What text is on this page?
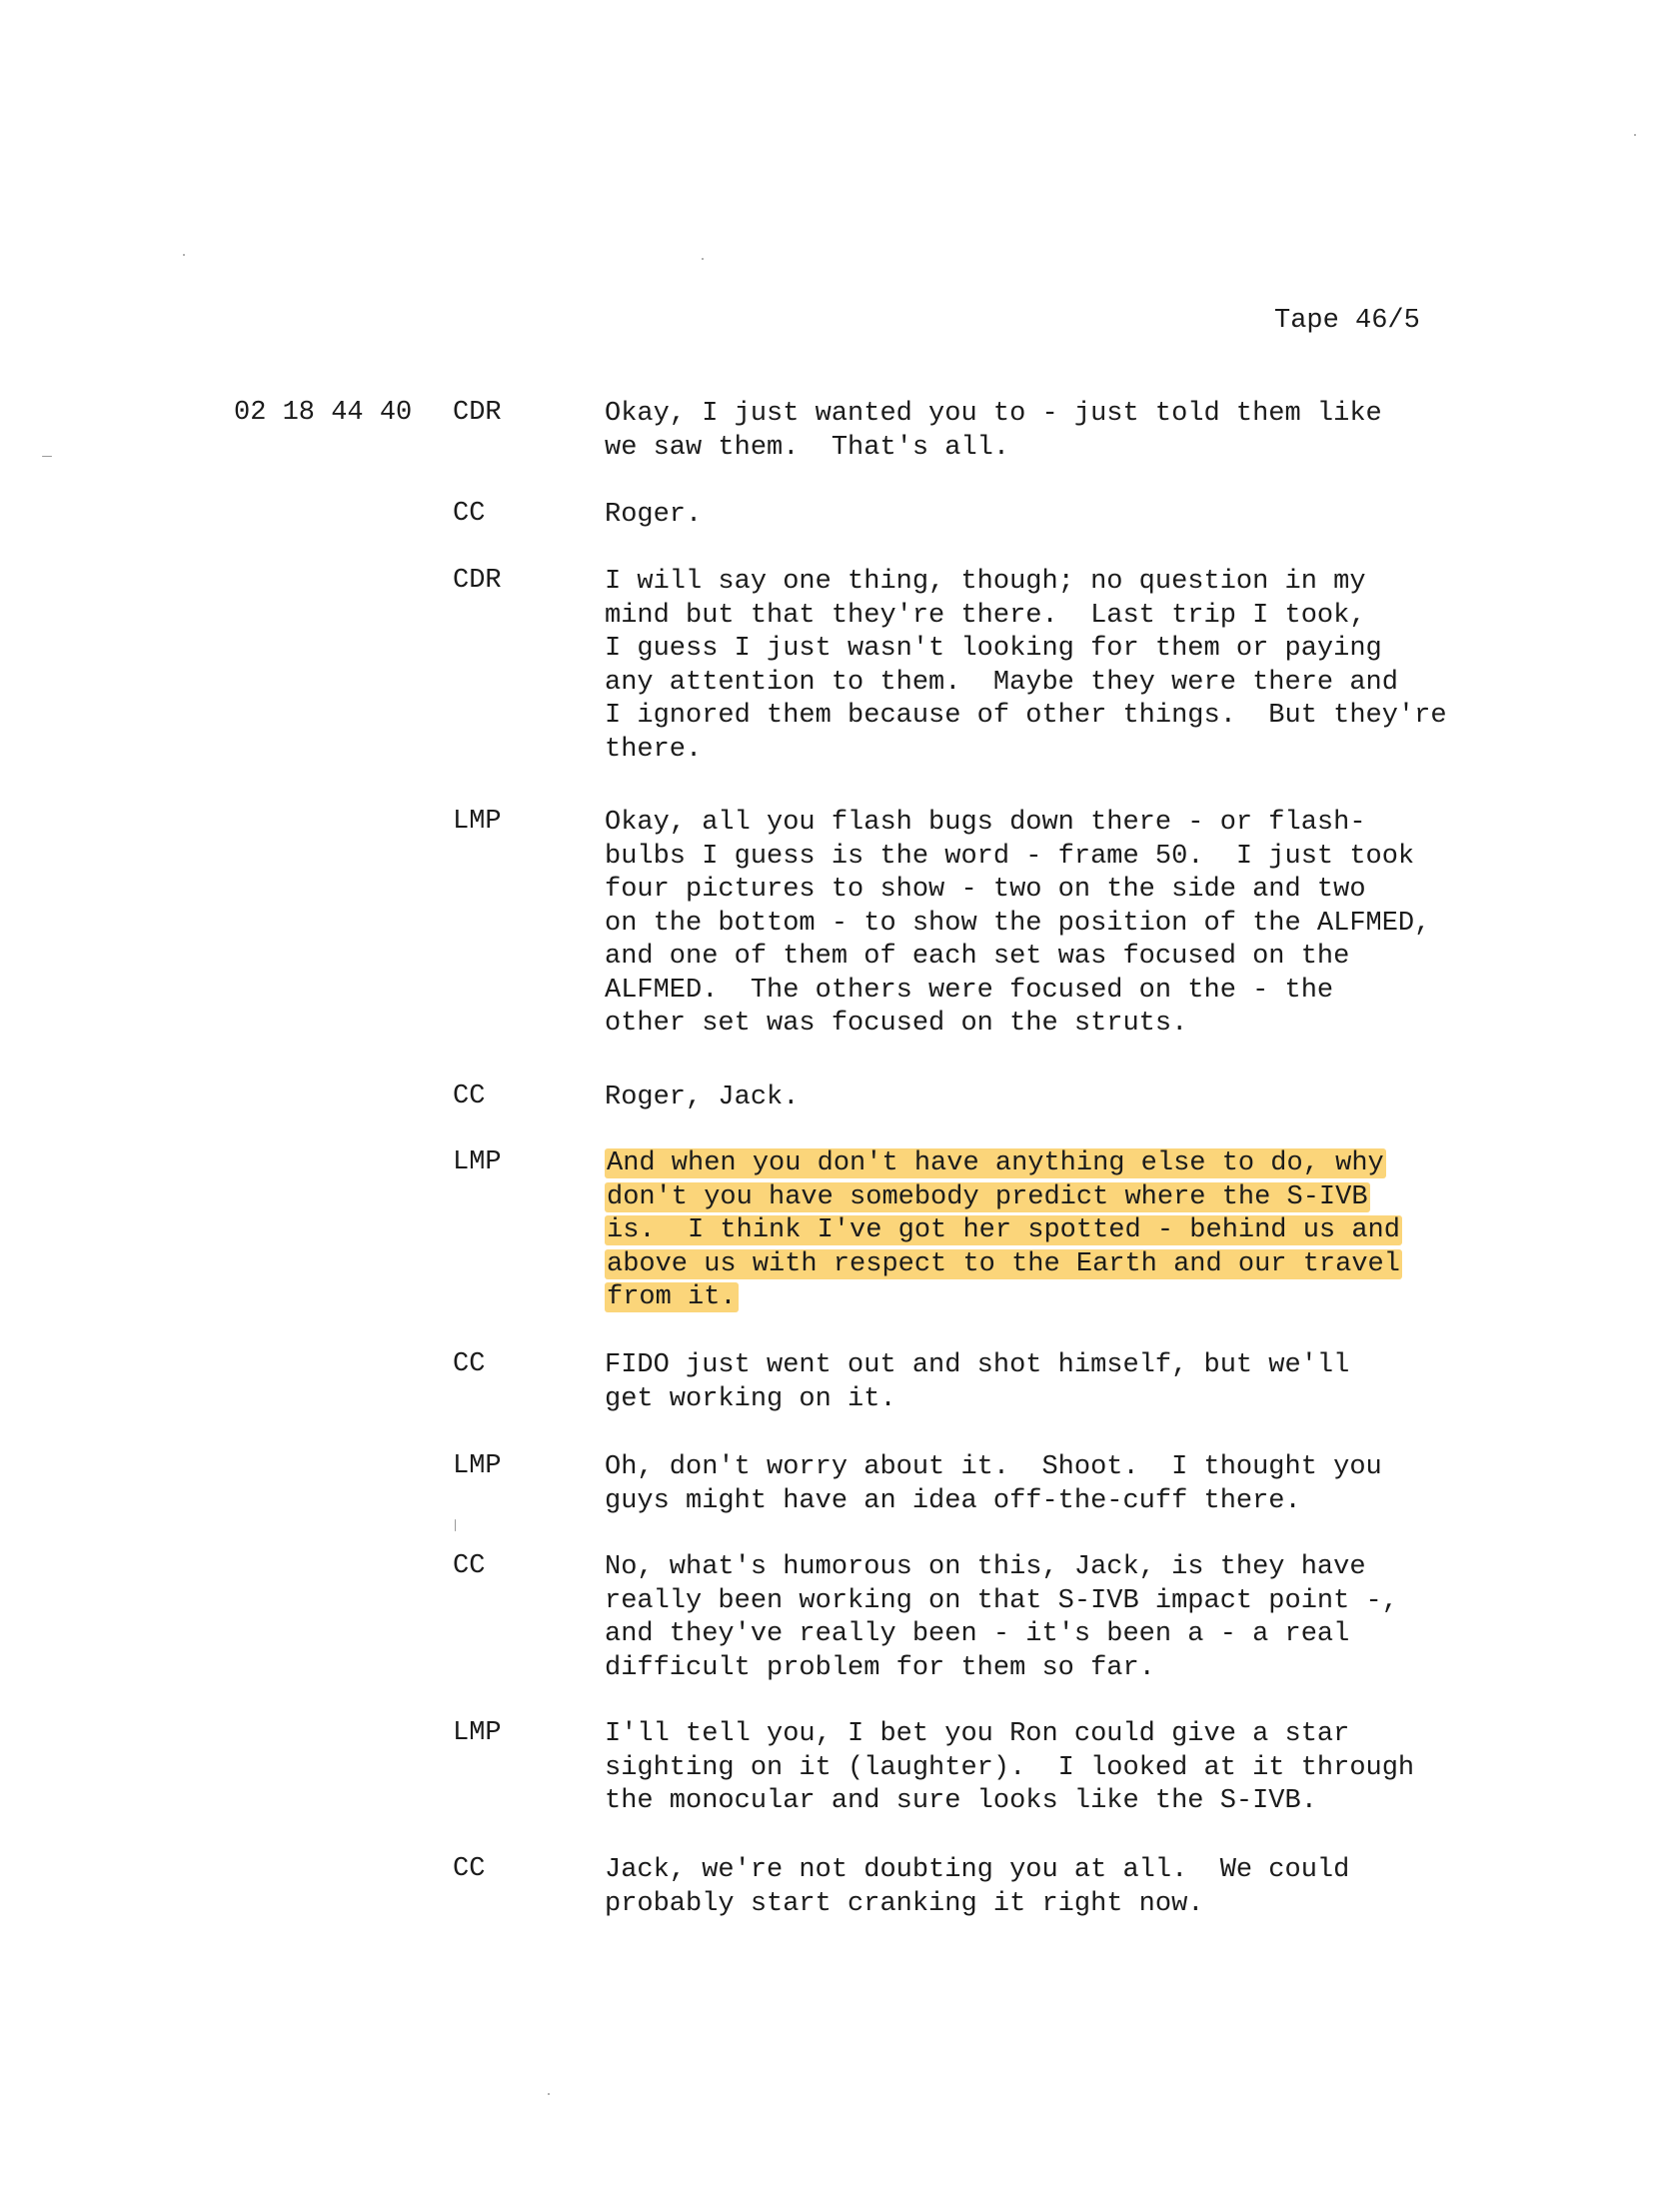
Tape 46/5
02 18 44 40 CDR	Okay, I just wanted you to - just told them like
we saw them.  That's all.
CC	Roger.
CDR	I will say one thing, though; no question in my
mind but that they're there.  Last trip I took,
I guess I just wasn't looking for them or paying
any attention to them.  Maybe they were there and
I ignored them because of other things.  But they're
there.
LMP	Okay, all you flash bugs down there - or flash-
bulbs I guess is the word - frame 50.  I just took
four pictures to show - two on the side and two
on the bottom - to show the position of the ALFMED,
and one of them of each set was focused on the
ALFMED.  The others were focused on the - the
other set was focused on the struts.
CC	Roger, Jack.
LMP	And when you don't have anything else to do, why
don't you have somebody predict where the S-IVB
is.  I think I've got her spotted - behind us and
above us with respect to the Earth and our travel
from it.
CC	FIDO just went out and shot himself, but we'll
get working on it.
LMP	Oh, don't worry about it.  Shoot.  I thought you
guys might have an idea off-the-cuff there.
CC	No, what's humorous on this, Jack, is they have
really been working on that S-IVB impact point -,
and they've really been - it's been a - a real
difficult problem for them so far.
LMP	I'll tell you, I bet you Ron could give a star
sighting on it (laughter).  I looked at it through
the monocular and sure looks like the S-IVB.
CC	Jack, we're not doubting you at all.  We could
probably start cranking it right now.
